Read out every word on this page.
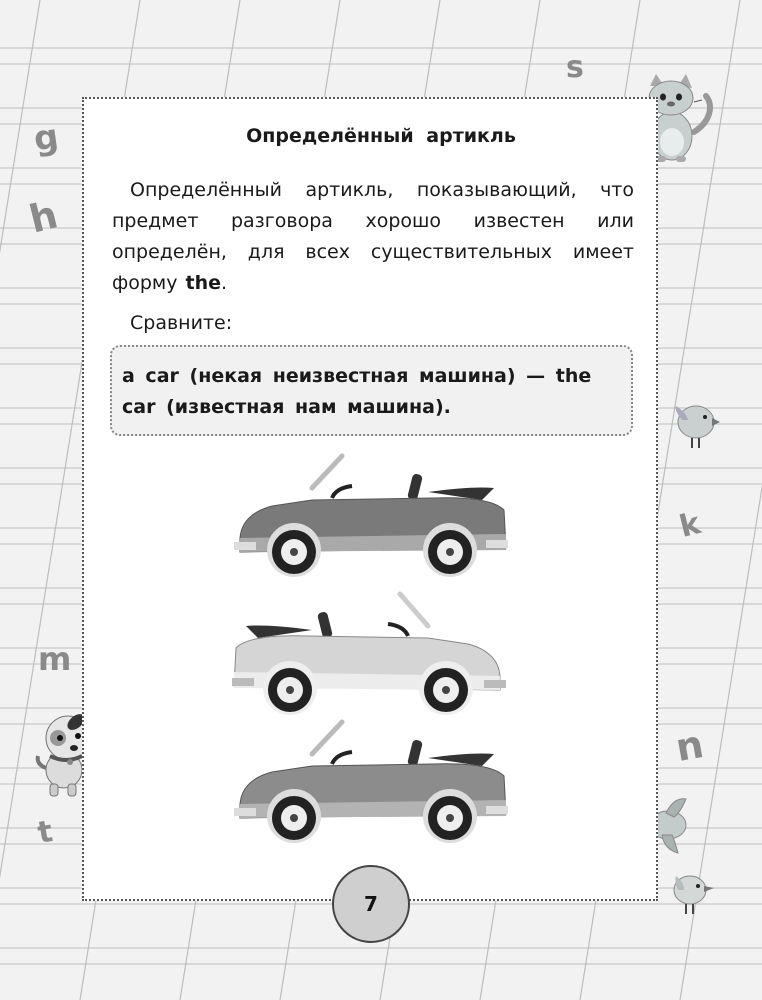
s
g
h
k
m
n
t
Определённый артикль

Определённый артикль, показывающий, что предмет разговора хорошо известен или определён, для всех существительных имеет форму the.

Сравните:
a car (некая неизвестная машина) — the car (известная нам машина).
7
